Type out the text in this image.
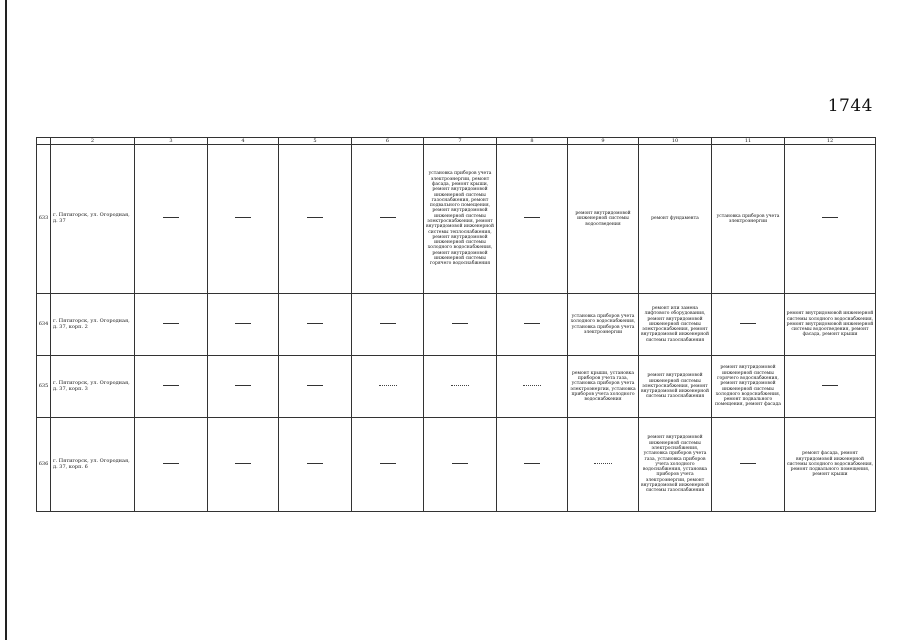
1744
	2	3	4	5	6	7	8	9	10	11	12
633	г. Пятигорск, ул. Огородная, д. 37					установка приборов учета электроэнергии, ремонт фасада, ремонт крыши, ремонт внутридомовой инженерной системы газоснабжения, ремонт подвального помещения, ремонт внутридомовой инженерной системы электроснабжения, ремонт внутридомовой инженерной системы теплоснабжения, ремонт внутридомовой инженерной системы холодного водоснабжения, ремонт внутридомовой инженерной системы горячего водоснабжения		ремонт внутридомовой инженерной системы водоотведения	ремонт фундамента	установка приборов учета электроэнергии	
634	г. Пятигорск, ул. Огородная, д. 37, корп. 2							установка приборов учета холодного водоснабжения, установка приборов учета электроэнергии	ремонт или замена лифтового оборудования, ремонт внутридомовой инженерной системы электроснабжения, ремонт внутридомовой инженерной системы газоснабжения		ремонт внутридомовой инженерной системы холодного водоснабжения, ремонт внутридомовой инженерной системы водоотведения, ремонт фасада, ремонт крыши
635	г. Пятигорск, ул. Огородная, д. 37, корп. 3							ремонт крыши, установка приборов учета газа, установка приборов учета электроэнергии, установка приборов учета холодного водоснабжения	ремонт внутридомовой инженерной системы электроснабжения, ремонт внутридомовой инженерной системы газоснабжения	ремонт внутридомовой инженерной системы горячего водоснабжения, ремонт внутридомовой инженерной системы холодного водоснабжения, ремонт подвального помещения, ремонт фасада	
636	г. Пятигорск, ул. Огородная, д. 37, корп. 6								ремонт внутридомовой инженерной системы электроснабжения, установка приборов учета газа, установка приборов учета холодного водоснабжения, установка приборов учета электроэнергии, ремонт внутридомовой инженерной системы газоснабжения		ремонт фасада, ремонт внутридомовой инженерной системы холодного водоснабжения, ремонт подвального помещения, ремонт крыши
